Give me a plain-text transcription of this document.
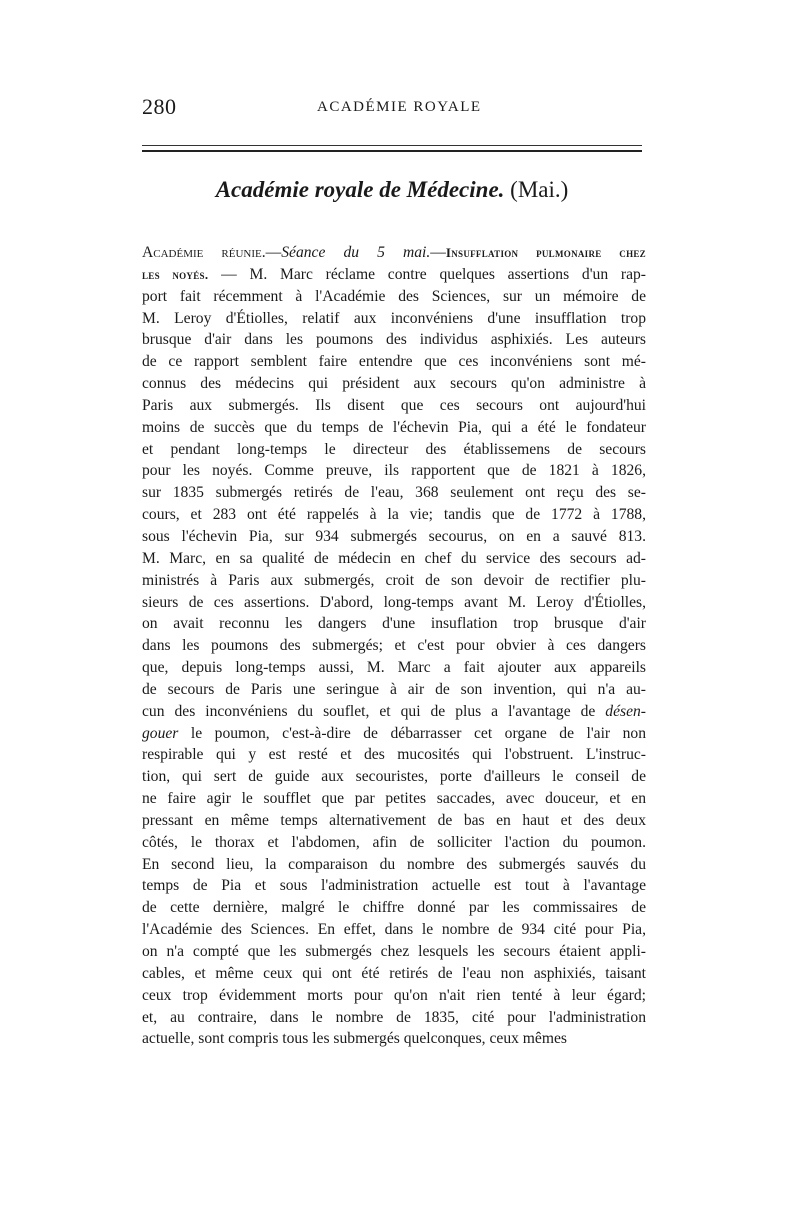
280	ACADÉMIE ROYALE
Académie royale de Médecine. (Mai.)
Académie réunie.—Séance du 5 mai.—Insufflation pulmonaire chez
les noyés. — M. Marc réclame contre quelques assertions d'un rap-
port fait récemment à l'Académie des Sciences, sur un mémoire de
M. Leroy d'Étiolles, relatif aux inconvéniens d'une insufflation trop
brusque d'air dans les poumons des individus asphixiés. Les auteurs
de ce rapport semblent faire entendre que ces inconvéniens sont mé-
connus des médecins qui président aux secours qu'on administre à
Paris aux submergés. Ils disent que ces secours ont aujourd'hui
moins de succès que du temps de l'échevin Pia, qui a été le fondateur
et pendant long-temps le directeur des établissemens de secours
pour les noyés. Comme preuve, ils rapportent que de 1821 à 1826,
sur 1835 submergés retirés de l'eau, 368 seulement ont reçu des se-
cours, et 283 ont été rappelés à la vie; tandis que de 1772 à 1788,
sous l'échevin Pia, sur 934 submergés secourus, on en a sauvé 813.
M. Marc, en sa qualité de médecin en chef du service des secours ad-
ministrés à Paris aux submergés, croit de son devoir de rectifier plu-
sieurs de ces assertions. D'abord, long-temps avant M. Leroy d'Étiolles,
on avait reconnu les dangers d'une insuflation trop brusque d'air
dans les poumons des submergés; et c'est pour obvier à ces dangers
que, depuis long-temps aussi, M. Marc a fait ajouter aux appareils
de secours de Paris une seringue à air de son invention, qui n'a au-
cun des inconvéniens du souflet, et qui de plus a l'avantage de désen-
gouer le poumon, c'est-à-dire de débarrasser cet organe de l'air non
respirable qui y est resté et des mucosités qui l'obstruent. L'instruc-
tion, qui sert de guide aux secouristes, porte d'ailleurs le conseil de
ne faire agir le soufflet que par petites saccades, avec douceur, et en
pressant en même temps alternativement de bas en haut et des deux
côtés, le thorax et l'abdomen, afin de solliciter l'action du poumon.
En second lieu, la comparaison du nombre des submergés sauvés du
temps de Pia et sous l'administration actuelle est tout à l'avantage
de cette dernière, malgré le chiffre donné par les commissaires de
l'Académie des Sciences. En effet, dans le nombre de 934 cité pour Pia,
on n'a compté que les submergés chez lesquels les secours étaient appli-
cables, et même ceux qui ont été retirés de l'eau non asphixiés, taisant
ceux trop évidemment morts pour qu'on n'ait rien tenté à leur égard;
et, au contraire, dans le nombre de 1835, cité pour l'administration
actuelle, sont compris tous les submergés quelconques, ceux mêmes
